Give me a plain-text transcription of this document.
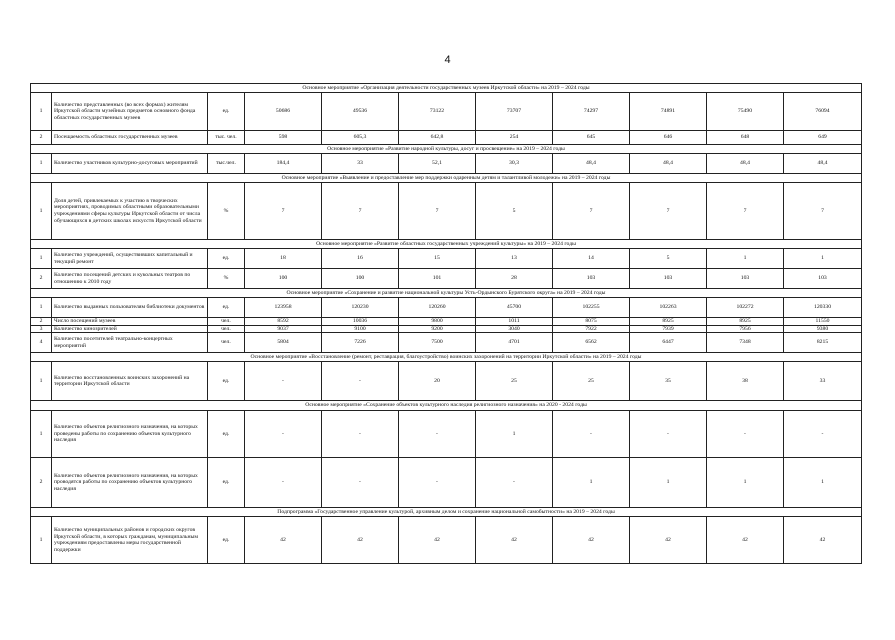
4
Основное мероприятие «Организация деятельности государственных музеев Иркутской области» на 2019 – 2024 годы										
1	Количество представленных (во всех формах) жителям Иркутской области музейных предметов основного фонда областных государственных музеев	ед.	50686	49536	73122	73707	74297	74891	75490	76094
2	Посещаемость областных государственных музеев	тыс. чел.	598	605,3	642,8	254	645	646	648	649
Основное мероприятие «Развитие народной культуры, досуг и просвещение» на 2019 – 2024 годы										
1	Количество участников культурно-досуговых мероприятий	тыс.чел.	184,4	33	52,1	30,3	48,4	48,4	48,4	48,4
Основное мероприятие «Выявление и предоставление мер поддержки одаренным детям и талантливой молодежи» на 2019 – 2024 годы										
1	Доля детей, привлекаемых к участию в творческих мероприятиях, проводимых областными образовательными учреждениями сферы культуры Иркутской области от числа обучающихся в детских школах искусств Иркутской области	%	7	7	7	5	7	7	7	7
Основное мероприятие «Развитие областных государственных учреждений культуры» на 2019 – 2024 годы										
1	Количество учреждений, осуществивших капитальный и текущий ремонт	ед.	18	16	15	13	14	5	1	1
2	Количество посещений детских и кукольных театров по отношению к 2010 году	%	100	100	101	28	103	103	103	103
Основное мероприятие «Сохранение и развитие национальной культуры Усть-Ордынского Бурятского округа» на 2019 – 2024 годы										
1	Количество выданных пользователям библиотеки документов	ед.	123958	120230	120260	45700	102255	102263	102272	120330
2	Число посещений музеев	чел.	8592	10036	9800	1011	8075	8925	8925	11550
3	Количество кинозрителей	чел.	9037	9100	9200	3040	7922	7939	7956	9380
4	Количество посетителей театрально-концертных мероприятий	чел.	5804	7226	7500	4701	6562	6447	7348	8215
Основное мероприятие «Восстановление (ремонт, реставрация, благоустройство) воинских захоронений на территории Иркутской области» на 2019 – 2024 годы										
1	Количество восстановленных воинских захоронений на территории Иркутской области	ед.	-	-	20	25	25	35	38	33
Основное мероприятие «Сохранение объектов культурного наследия религиозного назначения» на 2020 - 2024 годы										
1	Количество объектов религиозного назначения, на которых проведены работы по сохранению объектов культурного наследия	ед.	-	-	-	1	-	-	-	-
2	Количество объектов религиозного назначения, на которых проводятся работы по сохранению объектов культурного наследия	ед.	-	-	-	-	1	1	1	1
Подпрограмма «Государственное управление культурой, архивным делом и сохранение национальной самобытности» на 2019 – 2024 годы										
1	Количество муниципальных районов и городских округов Иркутской области, в которых гражданам, муниципальным учреждениям предоставлены меры государственной поддержки	ед.	42	42	42	42	42	42	42	42
